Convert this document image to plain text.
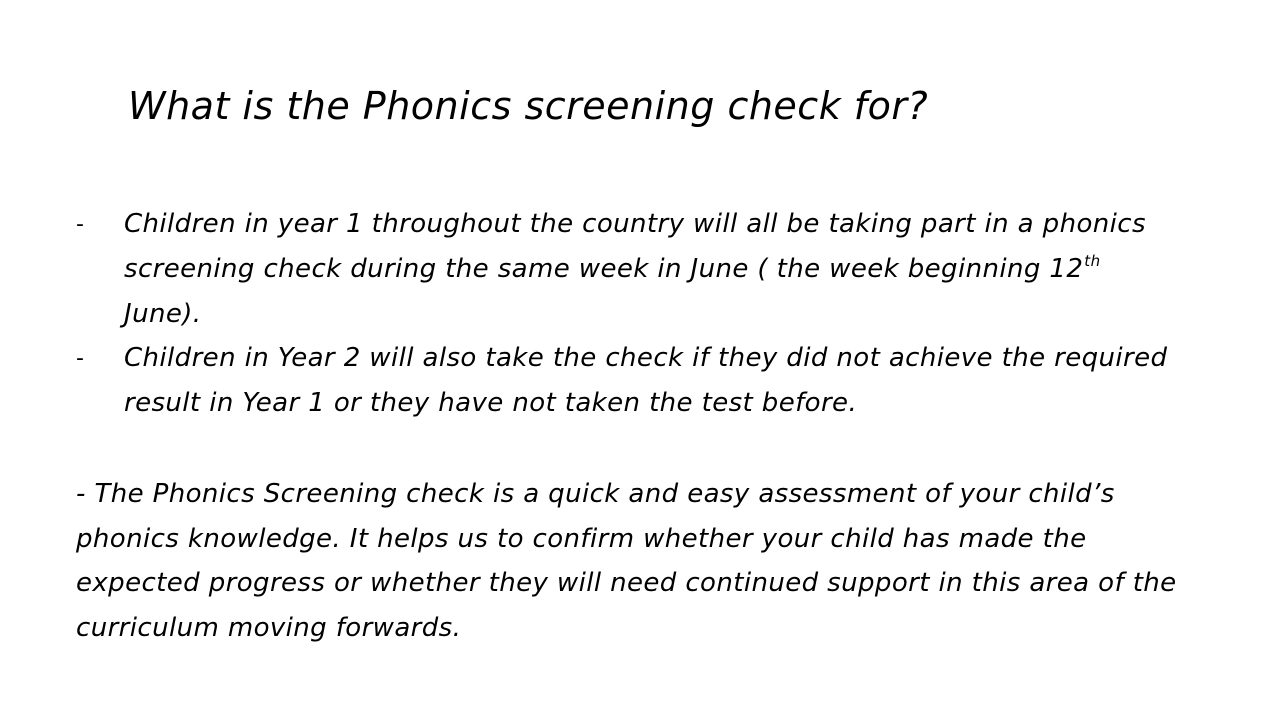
What is the Phonics screening check for?
- Children in year 1 throughout the country will all be taking part in a phonics screening check during the same week in June ( the week beginning 12th June).
- Children in Year 2 will also take the check if they did not achieve the required result in Year 1 or they have not taken the test before.

- The Phonics Screening check is a quick and easy assessment of your child’s phonics knowledge. It helps us to confirm whether your child has made the expected progress or whether they will need continued support in this area of the curriculum moving forwards.
